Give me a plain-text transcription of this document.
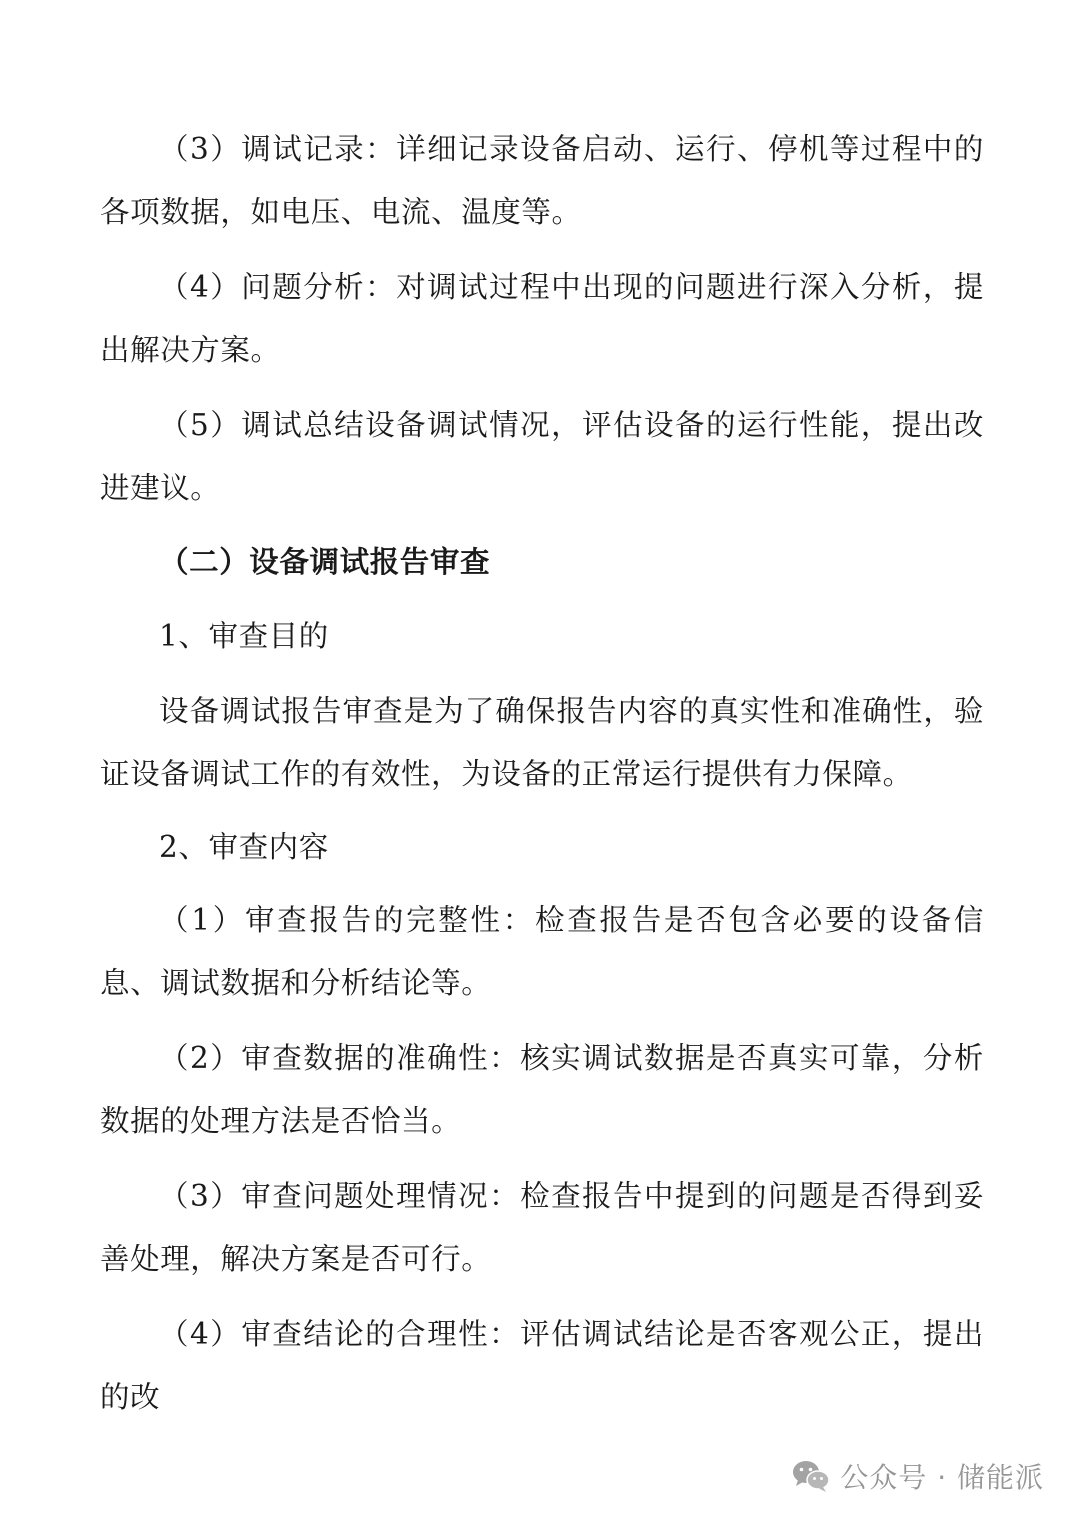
（3）调试记录：详细记录设备启动、运行、停机等过程中的各项数据，如电压、电流、温度等。

（4）问题分析：对调试过程中出现的问题进行深入分析，提出解决方案。

（5）调试总结设备调试情况，评估设备的运行性能，提出改进建议。

（二）设备调试报告审查

1、审查目的

设备调试报告审查是为了确保报告内容的真实性和准确性，验证设备调试工作的有效性，为设备的正常运行提供有力保障。

2、审查内容

（1）审查报告的完整性：检查报告是否包含必要的设备信息、调试数据和分析结论等。

（2）审查数据的准确性：核实调试数据是否真实可靠，分析数据的处理方法是否恰当。

（3）审查问题处理情况：检查报告中提到的问题是否得到妥善处理，解决方案是否可行。

（4）审查结论的合理性：评估调试结论是否客观公正，提出的改

公众号 · 储能派
